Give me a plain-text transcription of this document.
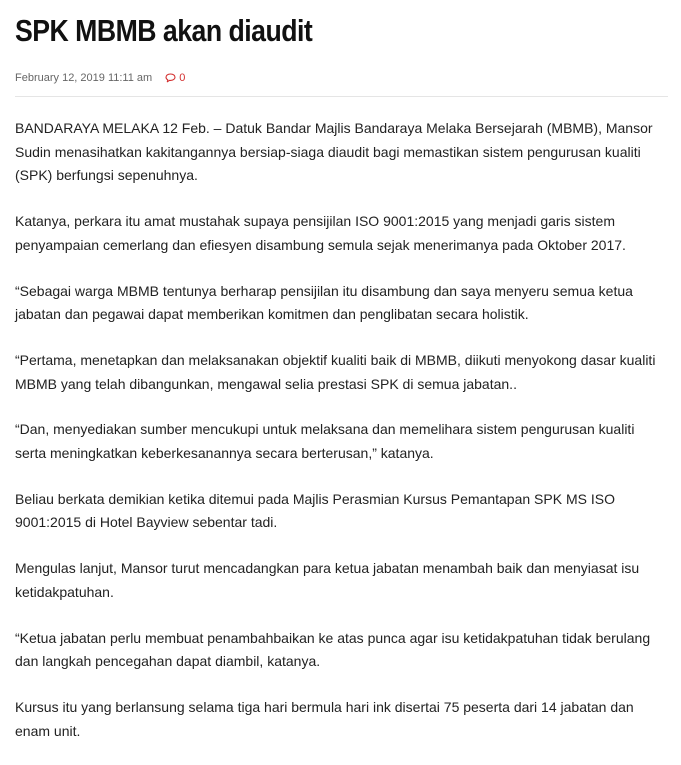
SPK MBMB akan diaudit
February 12, 2019 11:11 am 0

BANDARAYA MELAKA 12 Feb. – Datuk Bandar Majlis Bandaraya Melaka Bersejarah (MBMB), Mansor Sudin menasihatkan kakitangannya bersiap-siaga diaudit bagi memastikan sistem pengurusan kualiti (SPK) berfungsi sepenuhnya.

Katanya, perkara itu amat mustahak supaya pensijilan ISO 9001:2015 yang menjadi garis sistem penyampaian cemerlang dan efiesyen disambung semula sejak menerimanya pada Oktober 2017.

“Sebagai warga MBMB tentunya berharap pensijilan itu disambung dan saya menyeru semua ketua jabatan dan pegawai dapat memberikan komitmen dan penglibatan secara holistik.

“Pertama, menetapkan dan melaksanakan objektif kualiti baik di MBMB, diikuti menyokong dasar kualiti MBMB yang telah dibangunkan, mengawal selia prestasi SPK di semua jabatan..

“Dan, menyediakan sumber mencukupi untuk melaksana dan memelihara sistem pengurusan kualiti serta meningkatkan keberkesanannya secara berterusan,” katanya.

Beliau berkata demikian ketika ditemui pada Majlis Perasmian Kursus Pemantapan SPK MS ISO 9001:2015 di Hotel Bayview sebentar tadi.

Mengulas lanjut, Mansor turut mencadangkan para ketua jabatan menambah baik dan menyiasat isu ketidakpatuhan.

“Ketua jabatan perlu membuat penambahbaikan ke atas punca agar isu ketidakpatuhan tidak berulang dan langkah pencegahan dapat diambil, katanya.

Kursus itu yang berlansung selama tiga hari bermula hari ink disertai 75 peserta dari 14 jabatan dan enam unit.
